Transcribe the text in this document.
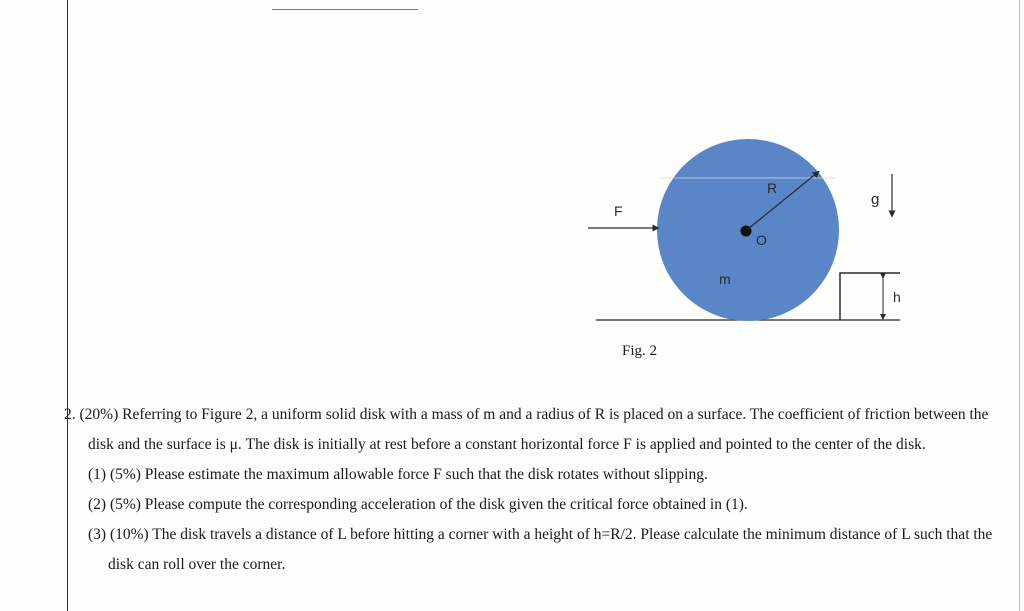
F
R
O
m
g
h
Fig. 2

2. (20%) Referring to Figure 2, a uniform solid disk with a mass of m and a radius of R is placed on a surface. The coefficient of friction between the disk and the surface is μ. The disk is initially at rest before a constant horizontal force F is applied and pointed to the center of the disk.

(1) (5%) Please estimate the maximum allowable force F such that the disk rotates without slipping.

(2) (5%) Please compute the corresponding acceleration of the disk given the critical force obtained in (1).

(3) (10%) The disk travels a distance of L before hitting a corner with a height of h=R/2. Please calculate the minimum distance of L such that the disk can roll over the corner.
